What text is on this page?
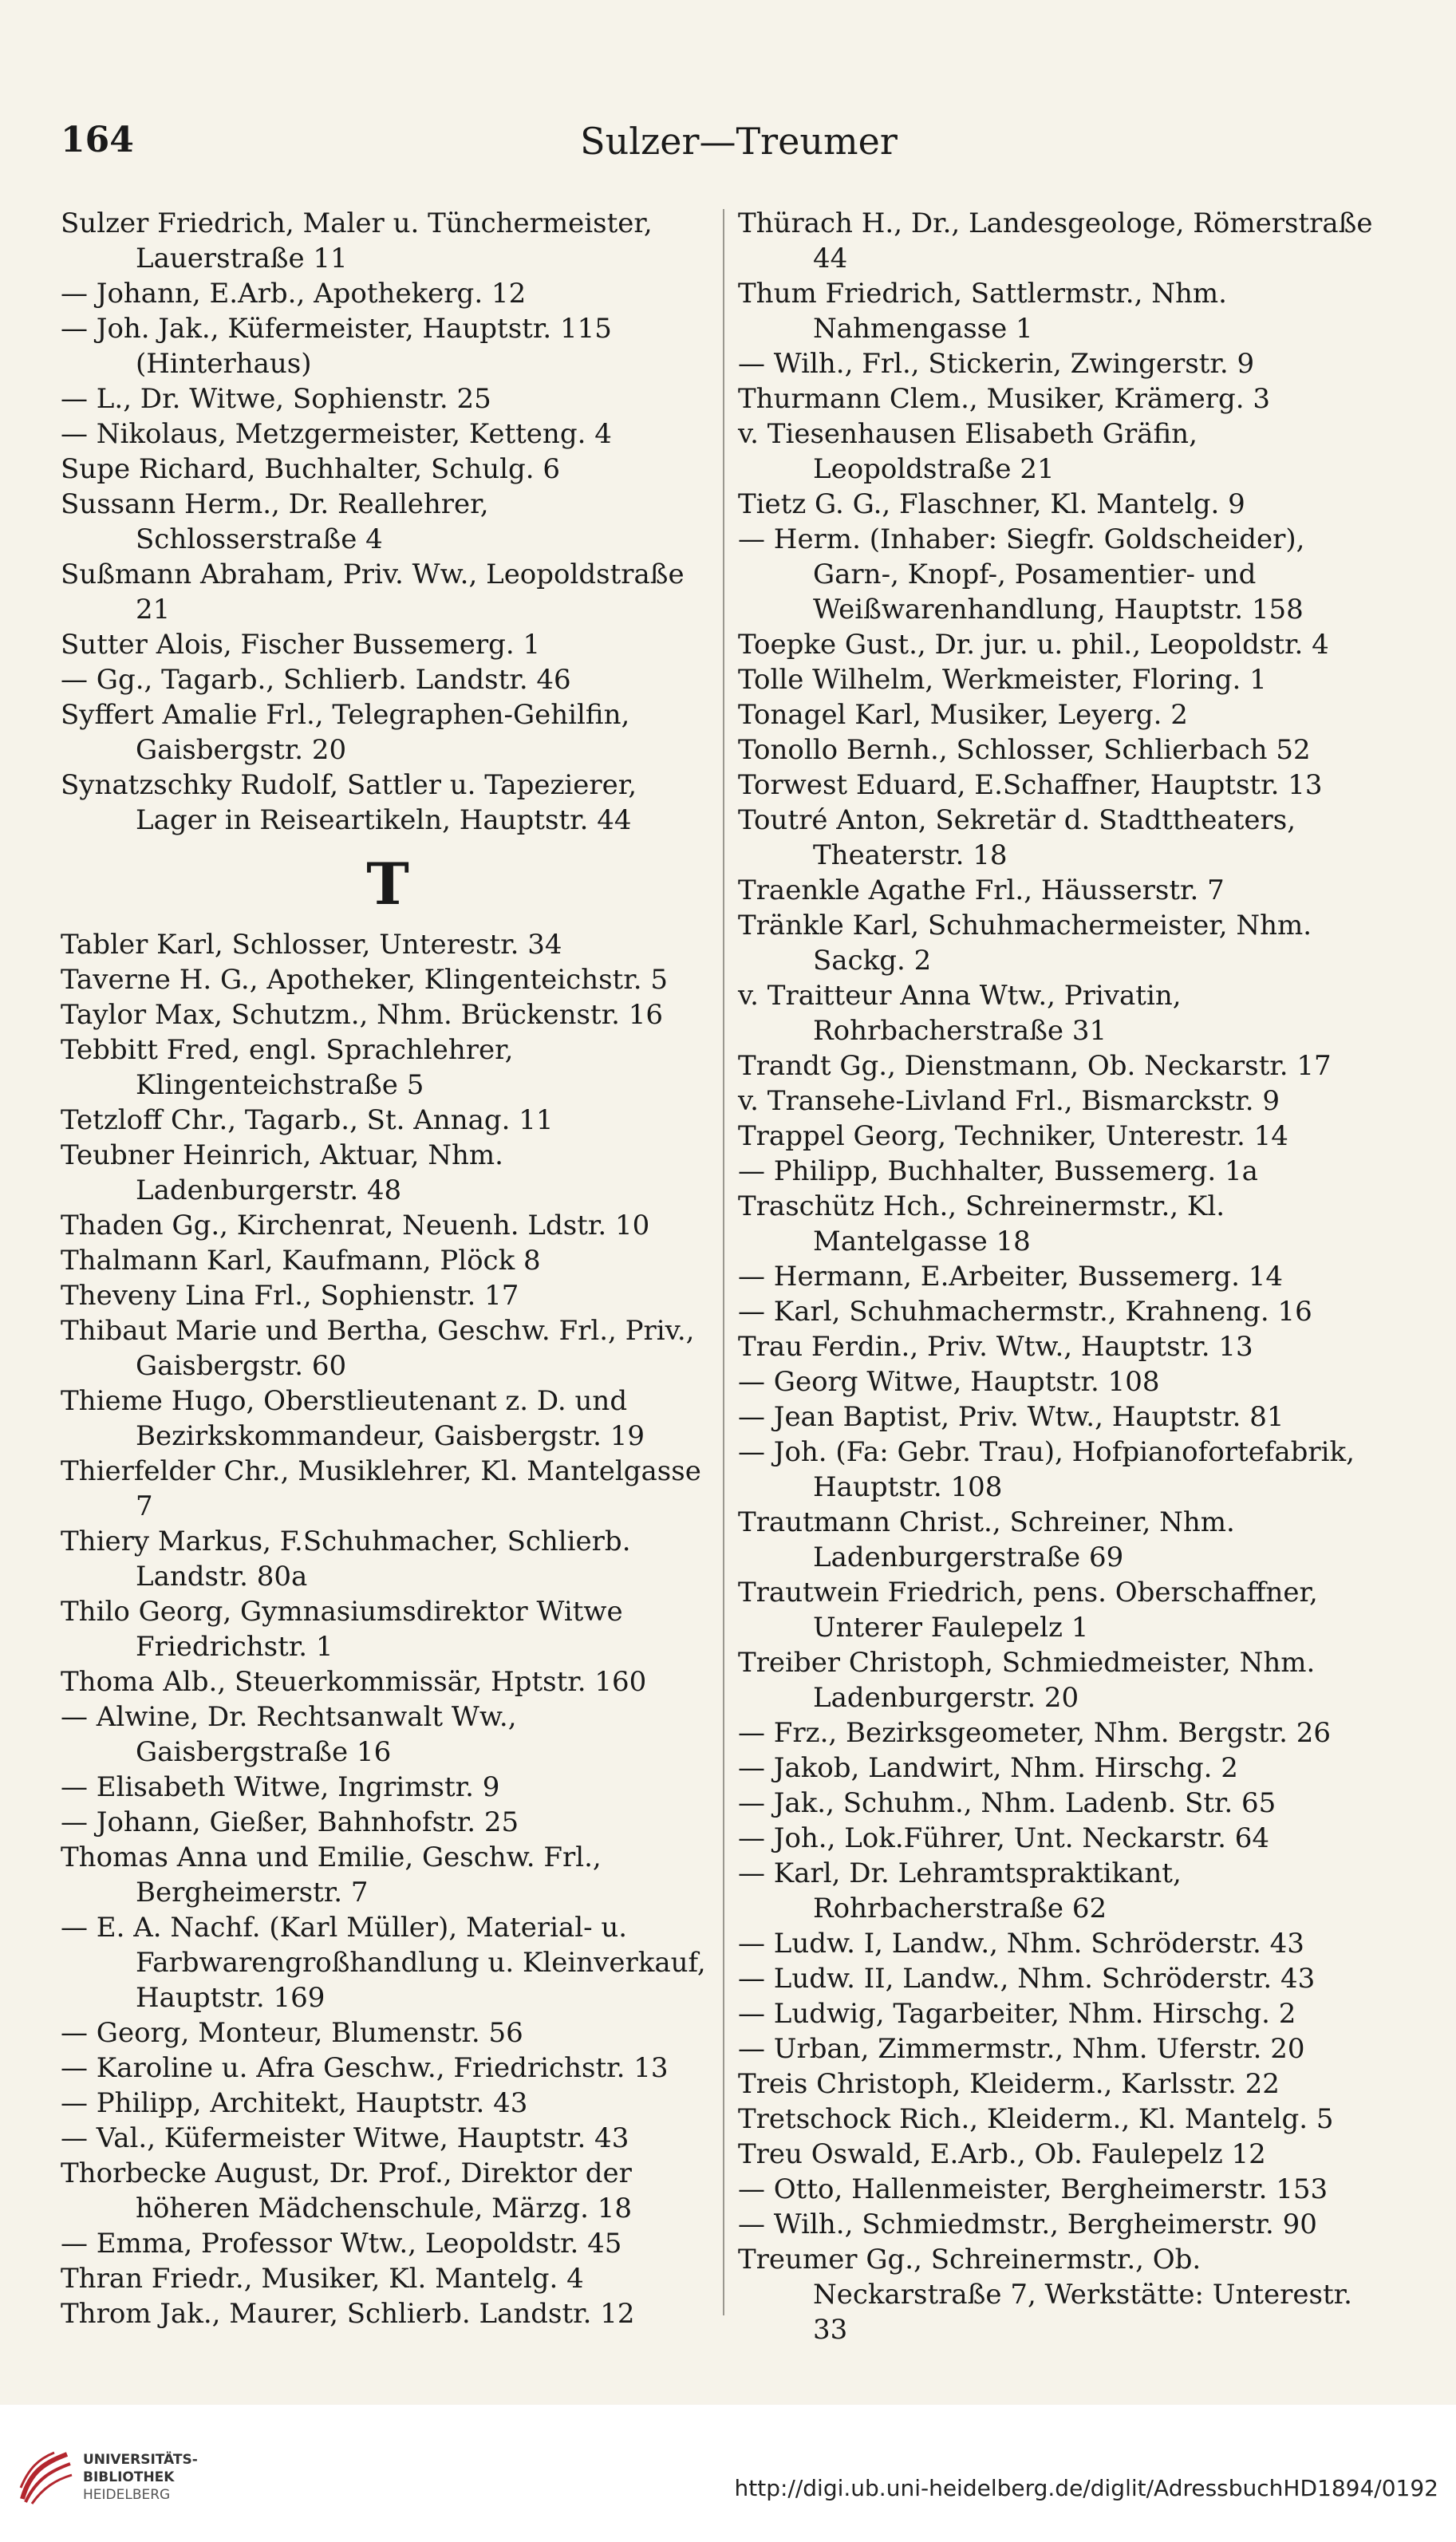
164	Sulzer—Treumer
Sulzer Friedrich, Maler u. Tünchermeister, Lauerstraße 11
— Johann, E.Arb., Apothekerg. 12
— Joh. Jak., Küfermeister, Hauptstr. 115 (Hinterhaus)
— L., Dr. Witwe, Sophienstr. 25
— Nikolaus, Metzgermeister, Ketteng. 4
Supe Richard, Buchhalter, Schulg. 6
Sussann Herm., Dr. Reallehrer, Schlosserstraße 4
Sußmann Abraham, Priv. Ww., Leopoldstraße 21
Sutter Alois, Fischer Bussemerg. 1
— Gg., Tagarb., Schlierb. Landstr. 46
Syffert Amalie Frl., Telegraphen-Gehilfin, Gaisbergstr. 20
Synatzschky Rudolf, Sattler u. Tapezierer, Lager in Reiseartikeln, Hauptstr. 44
T
Tabler Karl, Schlosser, Unterestr. 34
Taverne H. G., Apotheker, Klingenteichstr. 5
Taylor Max, Schutzm., Nhm. Brückenstr. 16
Tebbitt Fred, engl. Sprachlehrer, Klingenteichstraße 5
Tetzloff Chr., Tagarb., St. Annag. 11
Teubner Heinrich, Aktuar, Nhm. Ladenburgerstr. 48
Thaden Gg., Kirchenrat, Neuenh. Ldstr. 10
Thalmann Karl, Kaufmann, Plöck 8
Theveny Lina Frl., Sophienstr. 17
Thibaut Marie und Bertha, Geschw. Frl., Priv., Gaisbergstr. 60
Thieme Hugo, Oberstlieutenant z. D. und Bezirkskommandeur, Gaisbergstr. 19
Thierfelder Chr., Musiklehrer, Kl. Mantelgasse 7
Thiery Markus, F.Schuhmacher, Schlierb. Landstr. 80a
Thilo Georg, Gymnasiumsdirektor Witwe Friedrichstr. 1
Thoma Alb., Steuerkommissär, Hptstr. 160
— Alwine, Dr. Rechtsanwalt Ww., Gaisbergstraße 16
— Elisabeth Witwe, Ingrimstr. 9
— Johann, Gießer, Bahnhofstr. 25
Thomas Anna und Emilie, Geschw. Frl., Bergheimerstr. 7
— E. A. Nachf. (Karl Müller), Material- u. Farbwarengroßhandlung u. Kleinverkauf, Hauptstr. 169
— Georg, Monteur, Blumenstr. 56
— Karoline u. Afra Geschw., Friedrichstr. 13
— Philipp, Architekt, Hauptstr. 43
— Val., Küfermeister Witwe, Hauptstr. 43
Thorbecke August, Dr. Prof., Direktor der höheren Mädchenschule, Märzg. 18
— Emma, Professor Wtw., Leopoldstr. 45
Thran Friedr., Musiker, Kl. Mantelg. 4
Throm Jak., Maurer, Schlierb. Landstr. 12
Thürach H., Dr., Landesgeologe, Römerstraße 44
Thum Friedrich, Sattlermstr., Nhm. Nahmengasse 1
— Wilh., Frl., Stickerin, Zwingerstr. 9
Thurmann Clem., Musiker, Krämerg. 3
v. Tiesenhausen Elisabeth Gräfin, Leopoldstraße 21
Tietz G. G., Flaschner, Kl. Mantelg. 9
— Herm. (Inhaber: Siegfr. Goldscheider), Garn-, Knopf-, Posamentier- und Weißwarenhandlung, Hauptstr. 158
Toepke Gust., Dr. jur. u. phil., Leopoldstr. 4
Tolle Wilhelm, Werkmeister, Floring. 1
Tonagel Karl, Musiker, Leyerg. 2
Tonollo Bernh., Schlosser, Schlierbach 52
Torwest Eduard, E.Schaffner, Hauptstr. 13
Toutré Anton, Sekretär d. Stadttheaters, Theaterstr. 18
Traenkle Agathe Frl., Häusserstr. 7
Tränkle Karl, Schuhmachermeister, Nhm. Sackg. 2
v. Traitteur Anna Wtw., Privatin, Rohrbacherstraße 31
Trandt Gg., Dienstmann, Ob. Neckarstr. 17
v. Transehe-Livland Frl., Bismarckstr. 9
Trappel Georg, Techniker, Unterestr. 14
— Philipp, Buchhalter, Bussemerg. 1a
Traschütz Hch., Schreinermstr., Kl. Mantelgasse 18
— Hermann, E.Arbeiter, Bussemerg. 14
— Karl, Schuhmachermstr., Krahneng. 16
Trau Ferdin., Priv. Wtw., Hauptstr. 13
— Georg Witwe, Hauptstr. 108
— Jean Baptist, Priv. Wtw., Hauptstr. 81
— Joh. (Fa: Gebr. Trau), Hofpianofortefabrik, Hauptstr. 108
Trautmann Christ., Schreiner, Nhm. Ladenburgerstraße 69
Trautwein Friedrich, pens. Oberschaffner, Unterer Faulepelz 1
Treiber Christoph, Schmiedmeister, Nhm. Ladenburgerstr. 20
— Frz., Bezirksgeometer, Nhm. Bergstr. 26
— Jakob, Landwirt, Nhm. Hirschg. 2
— Jak., Schuhm., Nhm. Ladenb. Str. 65
— Joh., Lok.Führer, Unt. Neckarstr. 64
— Karl, Dr. Lehramtspraktikant, Rohrbacherstraße 62
— Ludw. I, Landw., Nhm. Schröderstr. 43
— Ludw. II, Landw., Nhm. Schröderstr. 43
— Ludwig, Tagarbeiter, Nhm. Hirschg. 2
— Urban, Zimmermstr., Nhm. Uferstr. 20
Treis Christoph, Kleiderm., Karlsstr. 22
Tretschock Rich., Kleiderm., Kl. Mantelg. 5
Treu Oswald, E.Arb., Ob. Faulepelz 12
— Otto, Hallenmeister, Bergheimerstr. 153
— Wilh., Schmiedmstr., Bergheimerstr. 90
Treumer Gg., Schreinermstr., Ob. Neckarstraße 7, Werkstätte: Unterestr. 33
UNIVERSITÄTS-
BIBLIOTHEK
HEIDELBERG	http://digi.ub.uni-heidelberg.de/diglit/AdressbuchHD1894/0192
